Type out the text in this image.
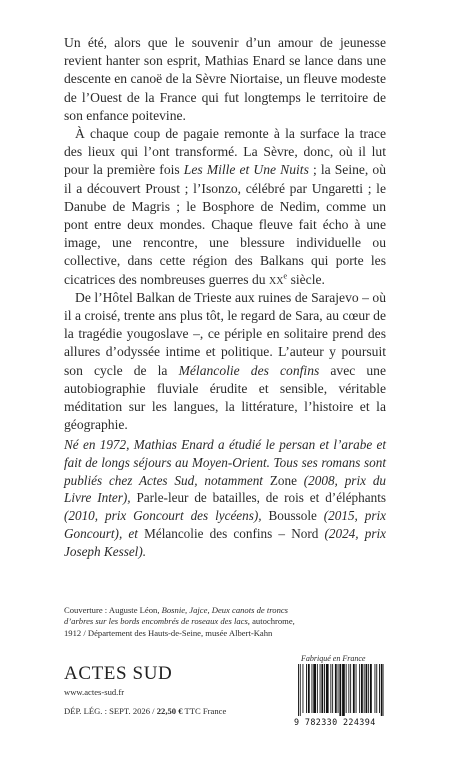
Un été, alors que le souvenir d’un amour de jeunesse revient hanter son esprit, Mathias Enard se lance dans une descente en canoë de la Sèvre Niortaise, un fleuve modeste de l’Ouest de la France qui fut longtemps le territoire de son enfance poitevine.

À chaque coup de pagaie remonte à la surface la trace des lieux qui l’ont transformé. La Sèvre, donc, où il lut pour la première fois Les Mille et Une Nuits ; la Seine, où il a découvert Proust ; l’Isonzo, célébré par Ungaretti ; le Danube de Magris ; le Bosphore de Nedim, comme un pont entre deux mondes. Chaque fleuve fait écho à une image, une rencontre, une blessure individuelle ou collective, dans cette région des Balkans qui porte les cicatrices des nombreuses guerres du $xx^e$ siècle.

De l’Hôtel Balkan de Trieste aux ruines de Sarajevo – où il a croisé, trente ans plus tôt, le regard de Sara, au cœur de la tragédie yougoslave –, ce périple en solitaire prend des allures d’odyssée intime et politique. L’auteur y poursuit son cycle de la Mélancolie des confins avec une autobiographie fluviale érudite et sensible, véritable méditation sur les langues, la littérature, l’histoire et la géographie.

Né en 1972, Mathias Enard a étudié le persan et l’arabe et fait de longs séjours au Moyen-Orient. Tous ses romans sont publiés chez Actes Sud, notamment Zone (2008, prix du Livre Inter), Parle-leur de batailles, de rois et d’éléphants (2010, prix Goncourt des lycéens), Boussole (2015, prix Goncourt), et Mélancolie des confins – Nord (2024, prix Joseph Kessel).
Couverture : Auguste Léon, Bosnie, Jajce, Deux canots de troncs d’arbres sur les bords encombrés de roseaux des lacs, autochrome, 1912 / Département des Hauts-de-Seine, musée Albert-Kahn
ACTES SUD
www.actes-sud.fr
DÉP. LÉG. : SEPT. 2026 / 22,50 € TTC France
Fabriqué en France
9 782330 224394
